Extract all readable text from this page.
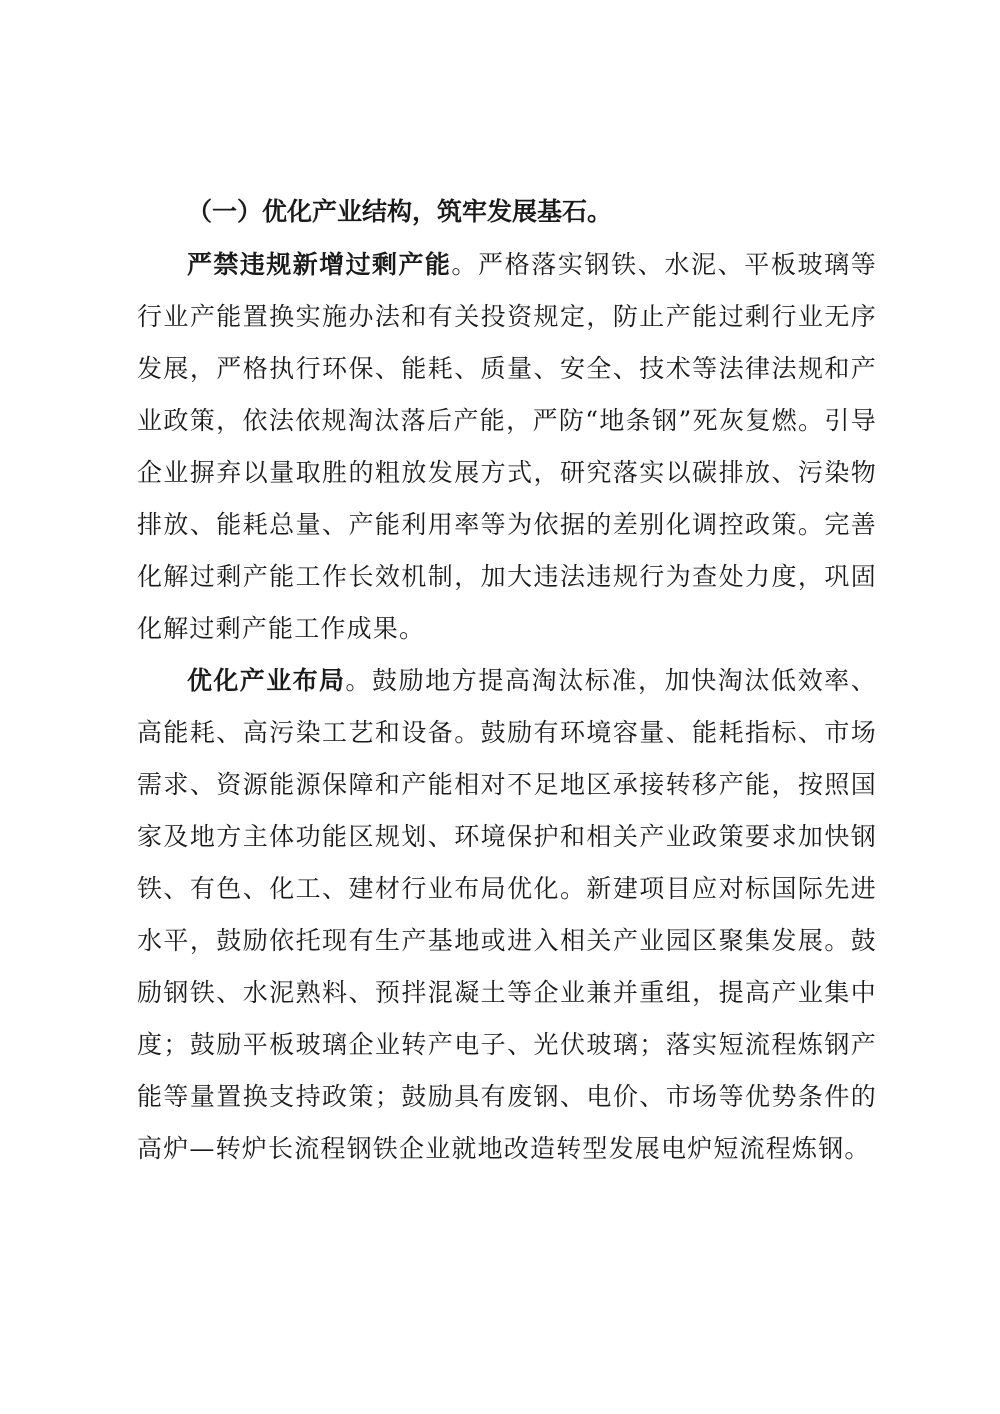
（一）优化产业结构，筑牢发展基石。

严禁违规新增过剩产能。严格落实钢铁、水泥、平板玻璃等行业产能置换实施办法和有关投资规定，防止产能过剩行业无序发展，严格执行环保、能耗、质量、安全、技术等法律法规和产业政策，依法依规淘汰落后产能，严防“地条钢”死灰复燃。引导企业摒弃以量取胜的粗放发展方式，研究落实以碳排放、污染物排放、能耗总量、产能利用率等为依据的差别化调控政策。完善化解过剩产能工作长效机制，加大违法违规行为查处力度，巩固化解过剩产能工作成果。

优化产业布局。鼓励地方提高淘汰标准，加快淘汰低效率、高能耗、高污染工艺和设备。鼓励有环境容量、能耗指标、市场需求、资源能源保障和产能相对不足地区承接转移产能，按照国家及地方主体功能区规划、环境保护和相关产业政策要求加快钢铁、有色、化工、建材行业布局优化。新建项目应对标国际先进水平，鼓励依托现有生产基地或进入相关产业园区聚集发展。鼓励钢铁、水泥熟料、预拌混凝土等企业兼并重组，提高产业集中度；鼓励平板玻璃企业转产电子、光伏玻璃；落实短流程炼钢产能等量置换支持政策；鼓励具有废钢、电价、市场等优势条件的高炉—转炉长流程钢铁企业就地改造转型发展电炉短流程炼钢。
